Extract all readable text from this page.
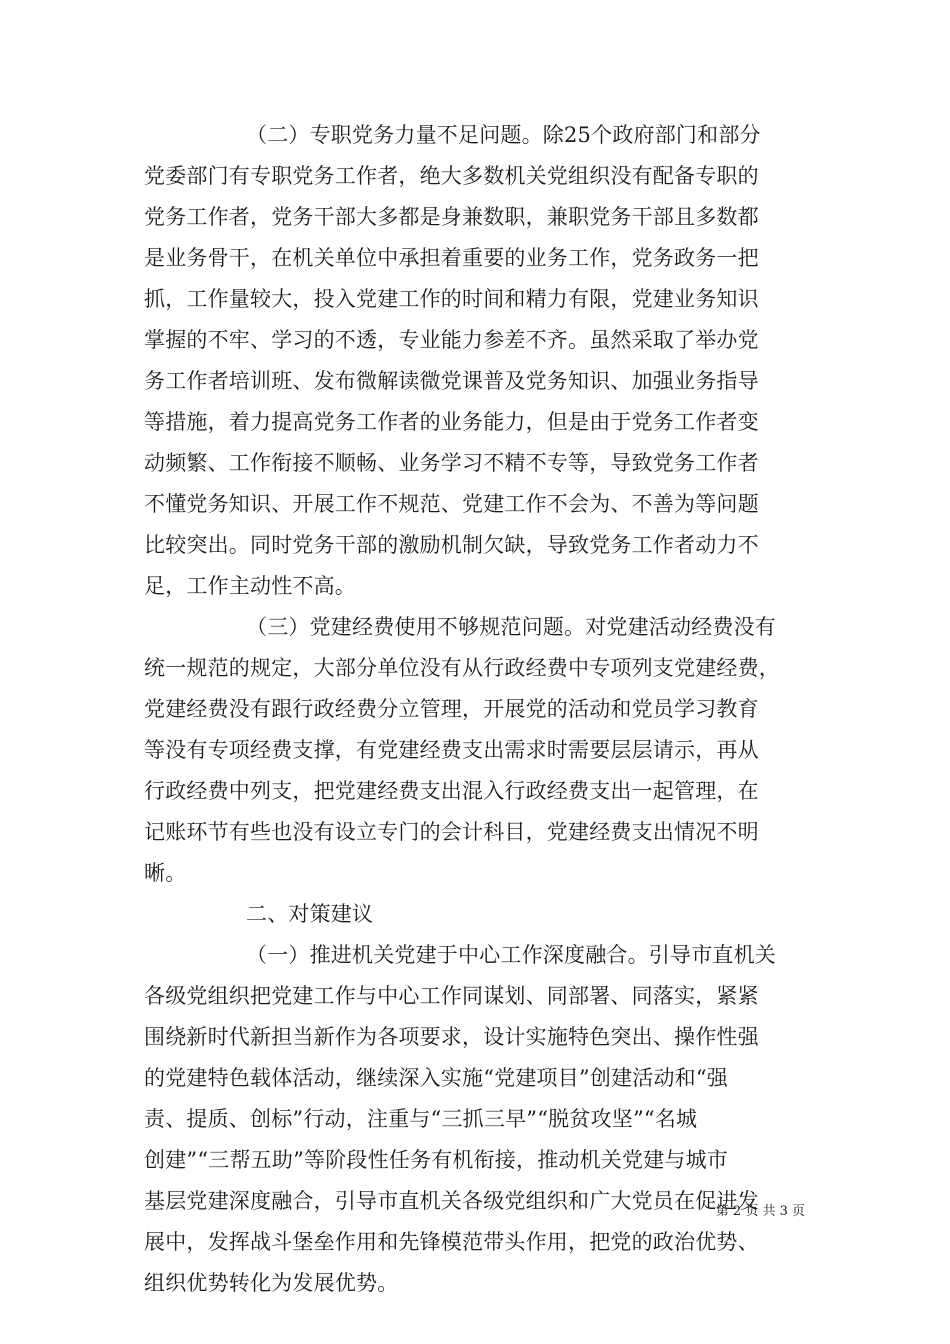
（二）专职党务力量不足问题。除25个政府部门和部分
党委部门有专职党务工作者，绝大多数机关党组织没有配备专职的
党务工作者，党务干部大多都是身兼数职，兼职党务干部且多数都
是业务骨干，在机关单位中承担着重要的业务工作，党务政务一把
抓，工作量较大，投入党建工作的时间和精力有限，党建业务知识
掌握的不牢、学习的不透，专业能力参差不齐。虽然采取了举办党
务工作者培训班、发布微解读微党课普及党务知识、加强业务指导
等措施，着力提高党务工作者的业务能力，但是由于党务工作者变
动频繁、工作衔接不顺畅、业务学习不精不专等，导致党务工作者
不懂党务知识、开展工作不规范、党建工作不会为、不善为等问题
比较突出。同时党务干部的激励机制欠缺，导致党务工作者动力不
足，工作主动性不高。
（三）党建经费使用不够规范问题。对党建活动经费没有
统一规范的规定，大部分单位没有从行政经费中专项列支党建经费，
党建经费没有跟行政经费分立管理，开展党的活动和党员学习教育
等没有专项经费支撑，有党建经费支出需求时需要层层请示，再从
行政经费中列支，把党建经费支出混入行政经费支出一起管理，在
记账环节有些也没有设立专门的会计科目，党建经费支出情况不明
晰。
二、对策建议
（一）推进机关党建于中心工作深度融合。引导市直机关
各级党组织把党建工作与中心工作同谋划、同部署、同落实，紧紧
围绕新时代新担当新作为各项要求，设计实施特色突出、操作性强
的党建特色载体活动，继续深入实施“党建项目”创建活动和“强
责、提质、创标”行动，注重与“三抓三早”“脱贫攻坚”“名城
创建”“三帮五助”等阶段性任务有机衔接，推动机关党建与城市
基层党建深度融合，引导市直机关各级党组织和广大党员在促进发
展中，发挥战斗堡垒作用和先锋模范带头作用，把党的政治优势、
组织优势转化为发展优势。
第 2 页 共 3 页
